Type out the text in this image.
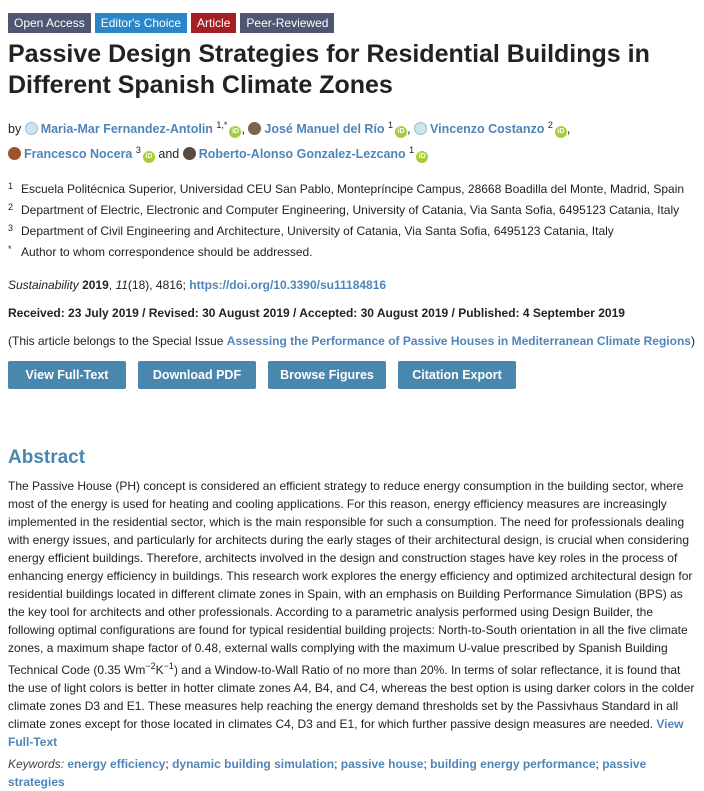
Open Access	Editor's Choice	Article	Peer-Reviewed
Passive Design Strategies for Residential Buildings in Different Spanish Climate Zones
by Maria-Mar Fernandez-Antolin $^{1,*}$iD , José Manuel del Río $^1$iD , Vincenzo Costanzo $^2$iD ,
Francesco Nocera $^3$iD and Roberto-Alonso Gonzalez-Lezcano $^1$iD
1 Escuela Politécnica Superior, Universidad CEU San Pablo, Montepríncipe Campus, 28668 Boadilla del Monte, Madrid, Spain
2 Department of Electric, Electronic and Computer Engineering, University of Catania, Via Santa Sofia, 6495123 Catania, Italy
3 Department of Civil Engineering and Architecture, University of Catania, Via Santa Sofia, 6495123 Catania, Italy
* Author to whom correspondence should be addressed.
Sustainability 2019, 11(18), 4816; https://doi.org/10.3390/su11184816
Received: 23 July 2019 / Revised: 30 August 2019 / Accepted: 30 August 2019 / Published: 4 September 2019
(This article belongs to the Special Issue Assessing the Performance of Passive Houses in Mediterranean Climate Regions)
View Full-Text	Download PDF	Browse Figures	Citation Export
Abstract
The Passive House (PH) concept is considered an efficient strategy to reduce energy consumption in the building sector, where most of the energy is used for heating and cooling applications. For this reason, energy efficiency measures are increasingly implemented in the residential sector, which is the main responsible for such a consumption. The need for professionals dealing with energy issues, and particularly for architects during the early stages of their architectural design, is crucial when considering energy efficient buildings. Therefore, architects involved in the design and construction stages have key roles in the process of enhancing energy efficiency in buildings. This research work explores the energy efficiency and optimized architectural design for residential buildings located in different climate zones in Spain, with an emphasis on Building Performance Simulation (BPS) as the key tool for architects and other professionals. According to a parametric analysis performed using Design Builder, the following optimal configurations are found for typical residential building projects: North-to-South orientation in all the five climate zones, a maximum shape factor of 0.48, external walls complying with the maximum U-value prescribed by Spanish Building Technical Code (0.35 $Wm^{-2}K^{-1}$) and a Window-to-Wall Ratio of no more than 20%. In terms of solar reflectance, it is found that the use of light colors is better in hotter climate zones A4, B4, and C4, whereas the best option is using darker colors in the colder climate zones D3 and E1. These measures help reaching the energy demand thresholds set by the Passivhaus Standard in all climate zones except for those located in climates C4, D3 and E1, for which further passive design measures are needed. View Full-Text
Keywords: energy efficiency; dynamic building simulation; passive house; building energy performance; passive strategies
